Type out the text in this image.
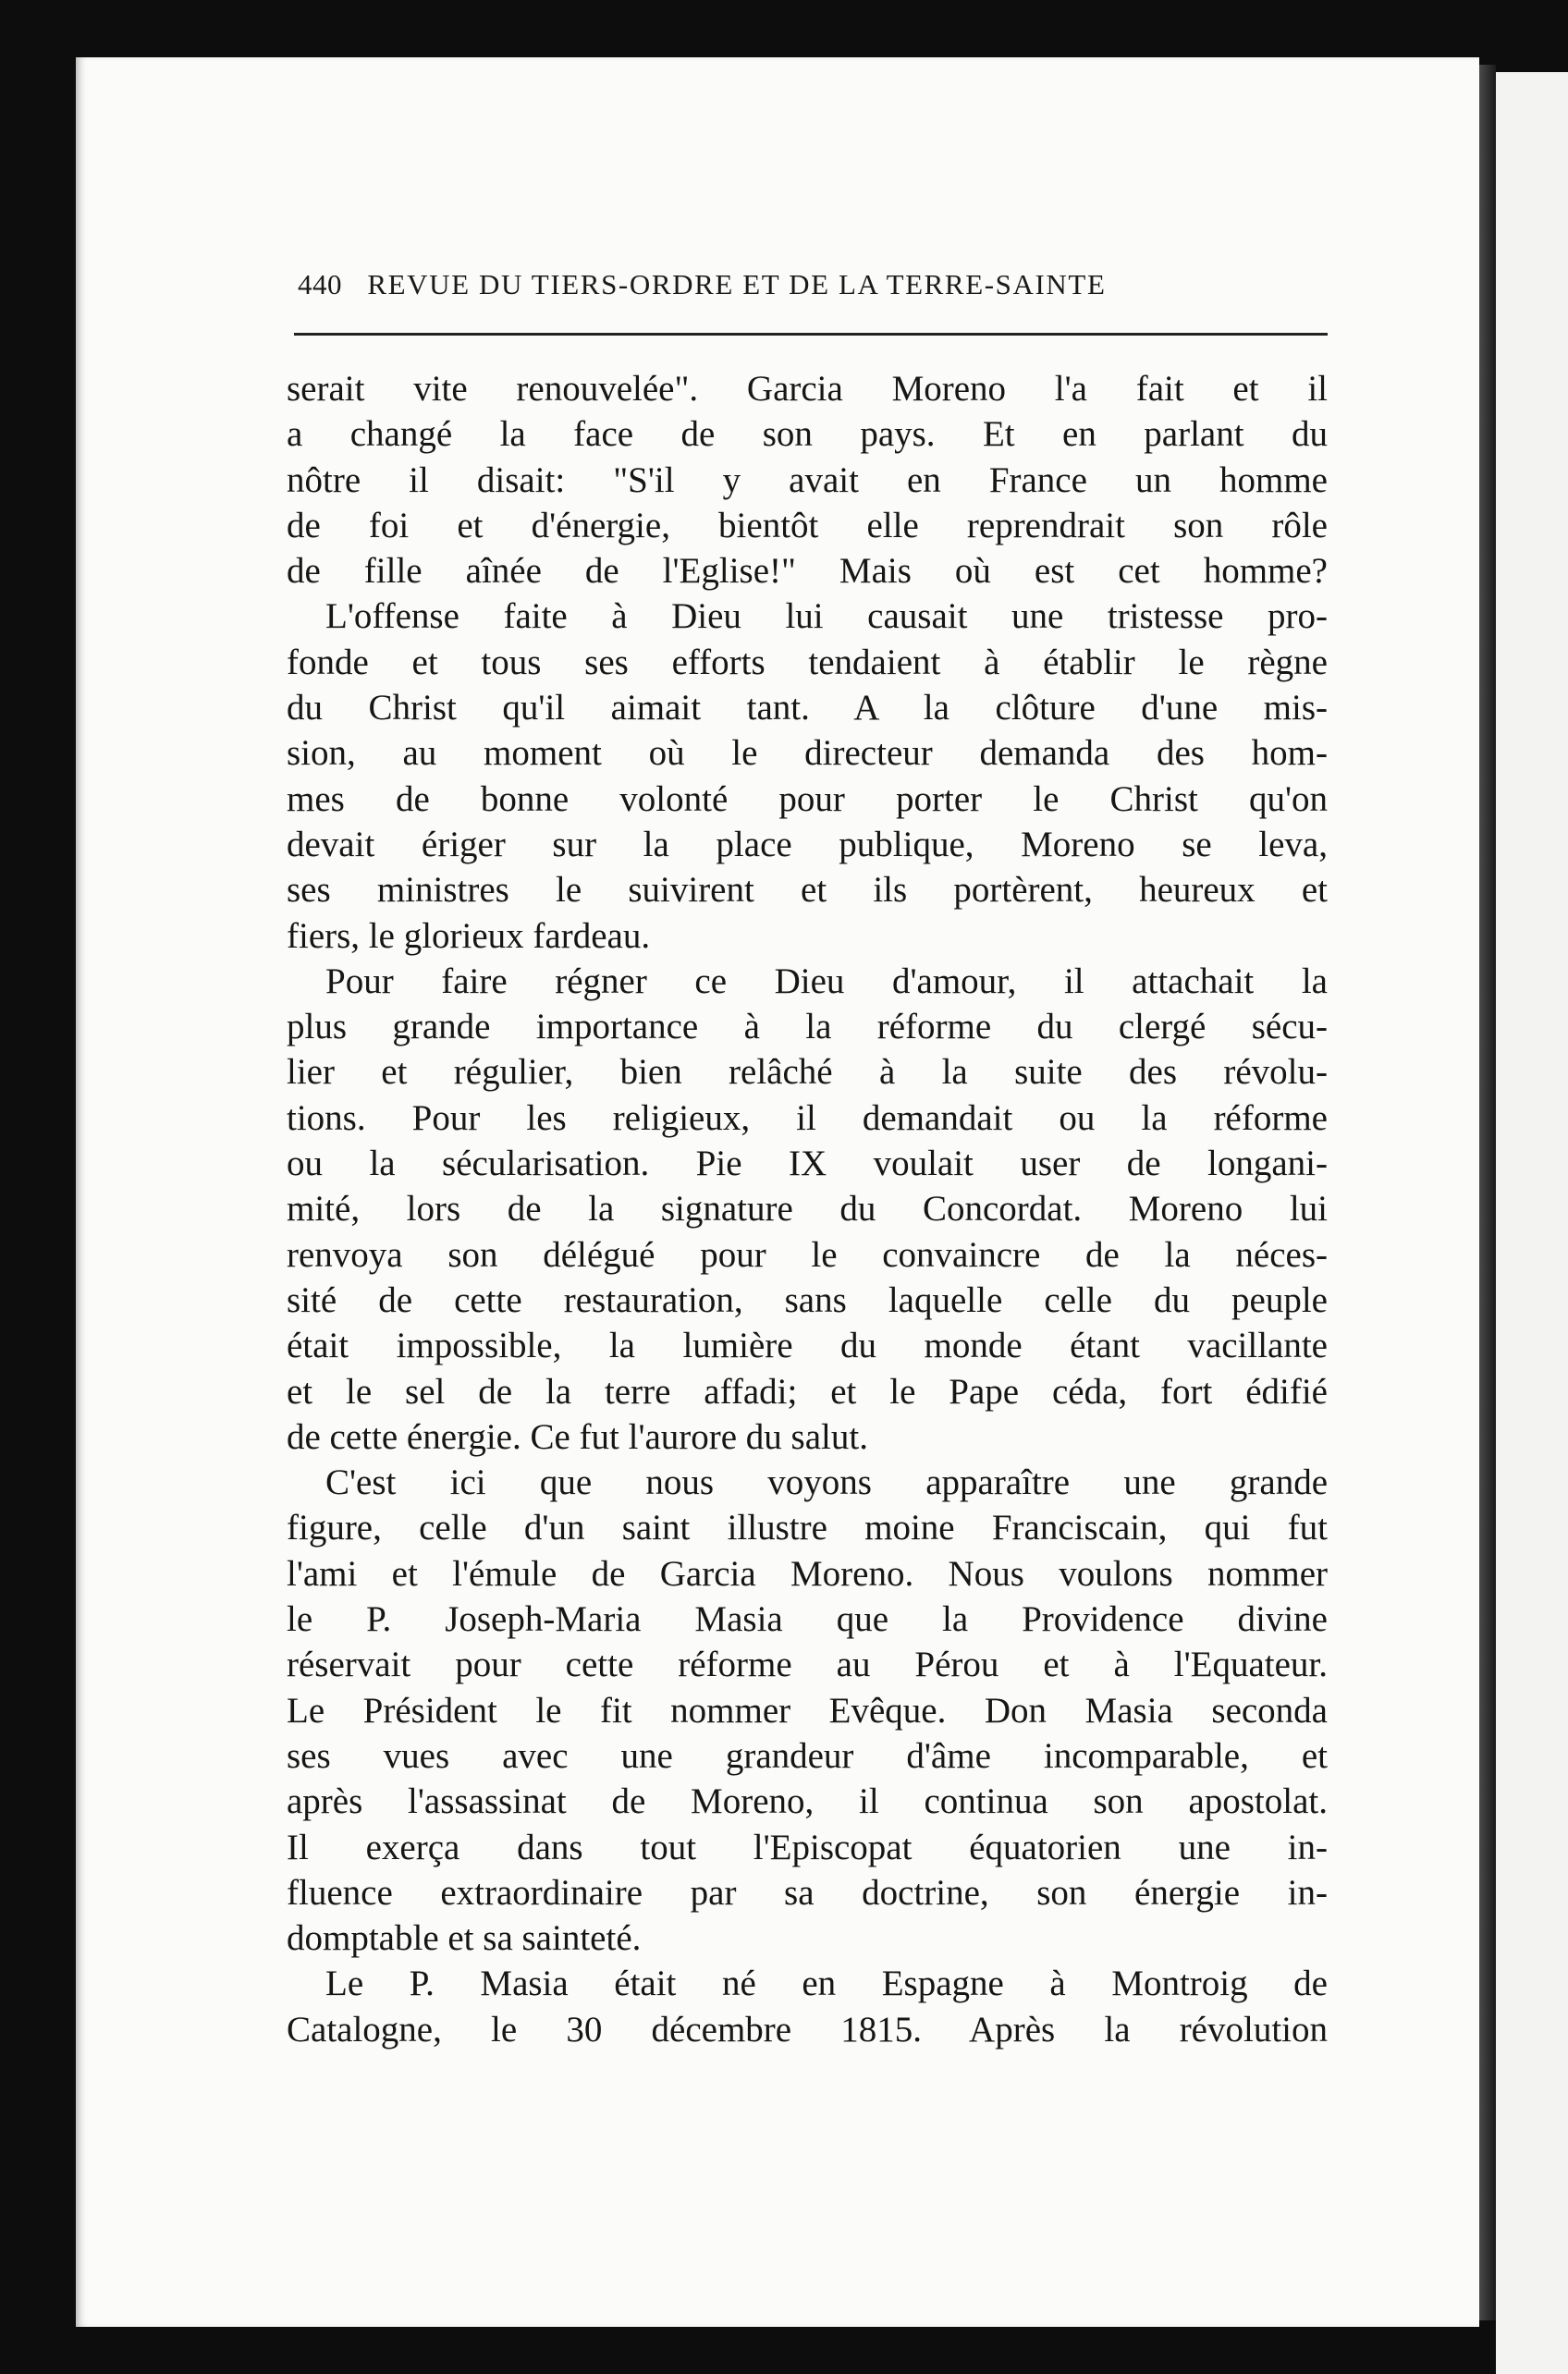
440 REVUE DU TIERS-ORDRE ET DE LA TERRE-SAINTE
serait vite renouvelée". Garcia Moreno l'a fait et il
a changé la face de son pays. Et en parlant du
nôtre il disait: "S'il y avait en France un homme
de foi et d'énergie, bientôt elle reprendrait son rôle
de fille aînée de l'Eglise!" Mais où est cet homme?
L'offense faite à Dieu lui causait une tristesse pro-
fonde et tous ses efforts tendaient à établir le règne
du Christ qu'il aimait tant. A la clôture d'une mis-
sion, au moment où le directeur demanda des hom-
mes de bonne volonté pour porter le Christ qu'on
devait ériger sur la place publique, Moreno se leva,
ses ministres le suivirent et ils portèrent, heureux et
fiers, le glorieux fardeau.
Pour faire régner ce Dieu d'amour, il attachait la
plus grande importance à la réforme du clergé sécu-
lier et régulier, bien relâché à la suite des révolu-
tions. Pour les religieux, il demandait ou la réforme
ou la sécularisation. Pie IX voulait user de longani-
mité, lors de la signature du Concordat. Moreno lui
renvoya son délégué pour le convaincre de la néces-
sité de cette restauration, sans laquelle celle du peuple
était impossible, la lumière du monde étant vacillante
et le sel de la terre affadi; et le Pape céda, fort édifié
de cette énergie. Ce fut l'aurore du salut.
C'est ici que nous voyons apparaître une grande
figure, celle d'un saint illustre moine Franciscain, qui fut
l'ami et l'émule de Garcia Moreno. Nous voulons nommer
le P. Joseph-Maria Masia que la Providence divine
réservait pour cette réforme au Pérou et à l'Equateur.
Le Président le fit nommer Evêque. Don Masia seconda
ses vues avec une grandeur d'âme incomparable, et
après l'assassinat de Moreno, il continua son apostolat.
Il exerça dans tout l'Episcopat équatorien une in-
fluence extraordinaire par sa doctrine, son énergie in-
domptable et sa sainteté.
Le P. Masia était né en Espagne à Montroig de
Catalogne, le 30 décembre 1815. Après la révolution
